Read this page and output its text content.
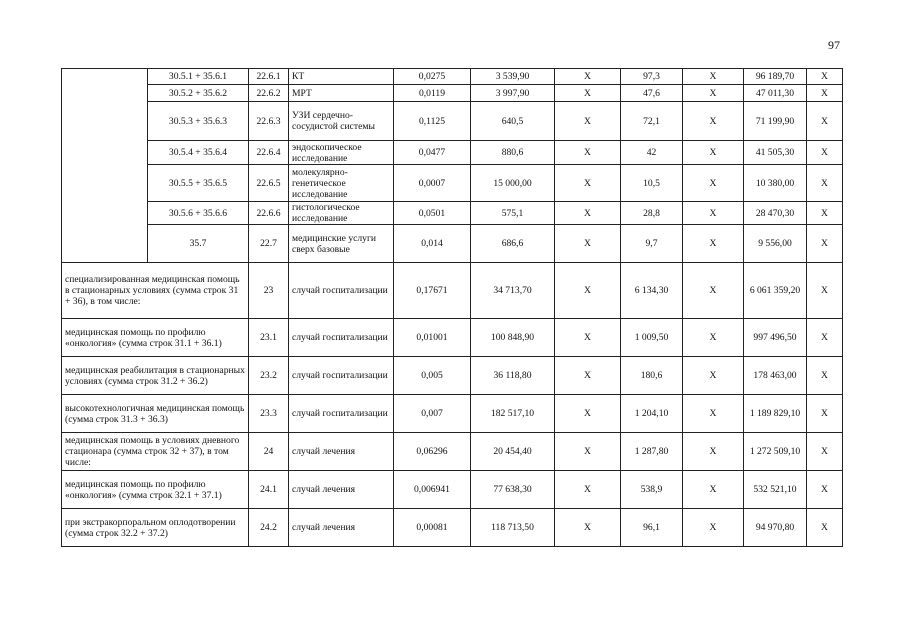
97
	30.5.1 + 35.6.1	22.6.1	КТ	0,0275	3 539,90	X	97,3	X	96 189,70	X
	30.5.2 + 35.6.2	22.6.2	МРТ	0,0119	3 997,90	X	47,6	X	47 011,30	X
	30.5.3 + 35.6.3	22.6.3	УЗИ сердечно-сосудистой системы	0,1125	640,5	X	72,1	X	71 199,90	X
	30.5.4 + 35.6.4	22.6.4	эндоскопическое исследование	0,0477	880,6	X	42	X	41 505,30	X
	30.5.5 + 35.6.5	22.6.5	молекулярно-генетическое исследование	0,0007	15 000,00	X	10,5	X	10 380,00	X
	30.5.6 + 35.6.6	22.6.6	гистологическое исследование	0,0501	575,1	X	28,8	X	28 470,30	X
	35.7	22.7	медицинские услуги сверх базовые	0,014	686,6	X	9,7	X	9 556,00	X
специализированная медицинская помощь в стационарных условиях (сумма строк 31 + 36), в том числе:		23	случай госпитализации	0,17671	34 713,70	X	6 134,30	X	6 061 359,20	X
медицинская помощь по профилю «онкология» (сумма строк 31.1 + 36.1)		23.1	случай госпитализации	0,01001	100 848,90	X	1 009,50	X	997 496,50	X
медицинская реабилитация в стационарных условиях (сумма строк 31.2 + 36.2)		23.2	случай госпитализации	0,005	36 118,80	X	180,6	X	178 463,00	X
высокотехнологичная медицинская помощь (сумма строк 31.3 + 36.3)		23.3	случай госпитализации	0,007	182 517,10	X	1 204,10	X	1 189 829,10	X
медицинская помощь в условиях дневного стационара (сумма строк 32 + 37), в том числе:		24	случай лечения	0,06296	20 454,40	X	1 287,80	X	1 272 509,10	X
медицинская помощь по профилю «онкология» (сумма строк 32.1 + 37.1)		24.1	случай лечения	0,006941	77 638,30	X	538,9	X	532 521,10	X
при экстракорпоральном оплодотворении (сумма строк 32.2 + 37.2)		24.2	случай лечения	0,00081	118 713,50	X	96,1	X	94 970,80	X
